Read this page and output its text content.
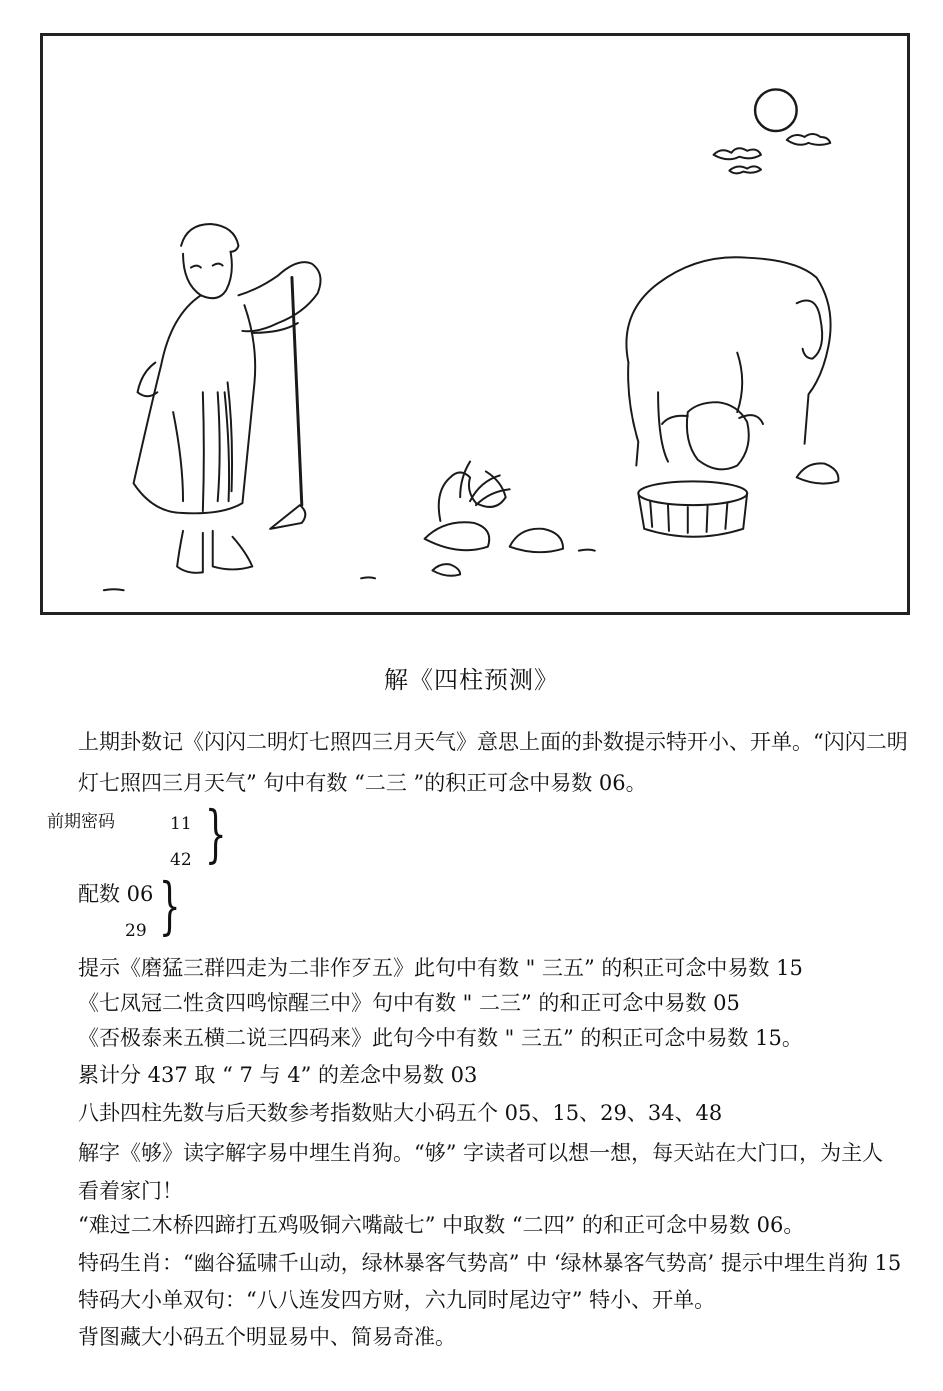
解《四柱预测》
上期卦数记《闪闪二明灯七照四三月天气》意思上面的卦数提示特开小、开单。“闪闪二明
灯七照四三月天气” 句中有数 “二三 ”的积正可念中易数 06。
前期密码	11
42 }
配数 06
29 }
提示《磨猛三群四走为二非作歹五》此句中有数 " 三五” 的积正可念中易数 15
《七凤冠二性贪四鸣惊醒三中》句中有数 " 二三” 的和正可念中易数 05
《否极泰来五横二说三四码来》此句今中有数 " 三五” 的积正可念中易数 15。
累计分 437 取 “ 7 与 4” 的差念中易数 03
八卦四柱先数与后天数参考指数贴大小码五个 05、15、29、34、48
解字《够》读字解字易中埋生肖狗。“够” 字读者可以想一想，每天站在大门口，为主人
看着家门！
“难过二木桥四蹄打五鸡吸铜六嘴敲七” 中取数 “二四” 的和正可念中易数 06。
特码生肖：“幽谷猛啸千山动，绿林暴客气势高” 中 ‘绿林暴客气势高’ 提示中埋生肖狗 15
特码大小单双句：“八八连发四方财，六九同时尾边守” 特小、开单。
背图藏大小码五个明显易中、简易奇准。
